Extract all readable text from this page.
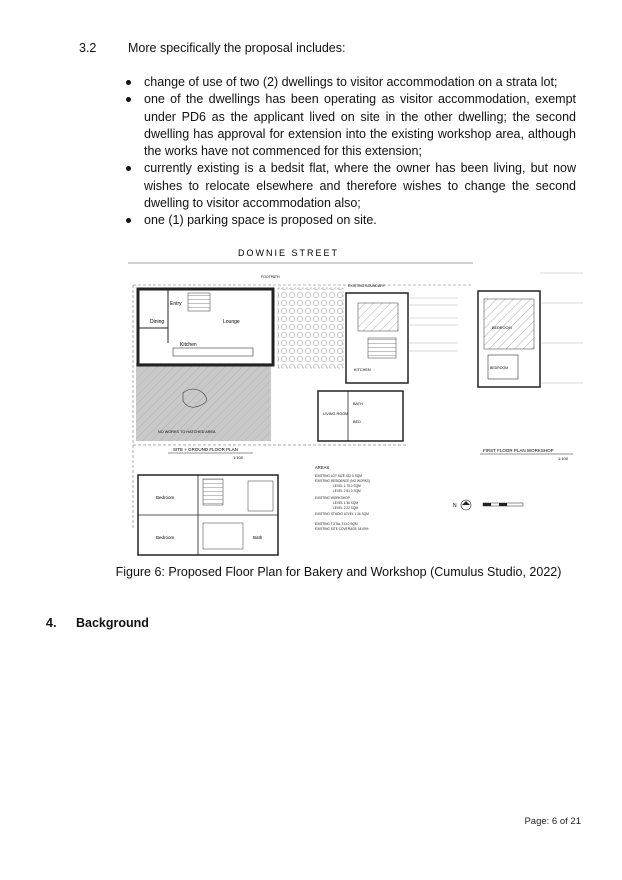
3.2	More specifically the proposal includes:
change of use of two (2) dwellings to visitor accommodation on a strata lot;
one of the dwellings has been operating as visitor accommodation, exempt under PD6 as the applicant lived on site in the other dwelling; the second dwelling has approval for extension into the existing workshop area, although the works have not commenced for this extension;
currently existing is a bedsit flat, where the owner has been living, but now wishes to relocate elsewhere and therefore wishes to change the second dwelling to visitor accommodation also;
one (1) parking space is proposed on site.
DOWNIE STREET
FOOTPATH
EXISTING BOUNDARY
NO WORKS TO HATCHED AREA
Entry
Dining	Lounge
Kitchen
KITCHEN
LIVING ROOM
BATH
BED
SITE + GROUND FLOOR PLAN
1:100
Bedroom
Bedroom	Bath
BEDROOM
BEDROOM
FIRST FLOOR PLAN WORKSHOP
1:100
AREAS
EXISTING LOT SIZE 432.0 SQM
EXISTING RESIDENCE (NO WORKS)
LEVEL 1 75.0 SQM
LEVEL 2 51.0 SQM
EXISTING WORKSHOP
LEVEL 1 36 SQM
LEVEL 2 22 SQM
EXISTING STUDIO LEVEL 1 34 SQM
EXISTING TOTAL 213.0 SQM
EXISTING SITE COVERAGE 18.00%
N
Figure 6: Proposed Floor Plan for Bakery and Workshop (Cumulus Studio, 2022)
4. Background
Page: 6 of 21
